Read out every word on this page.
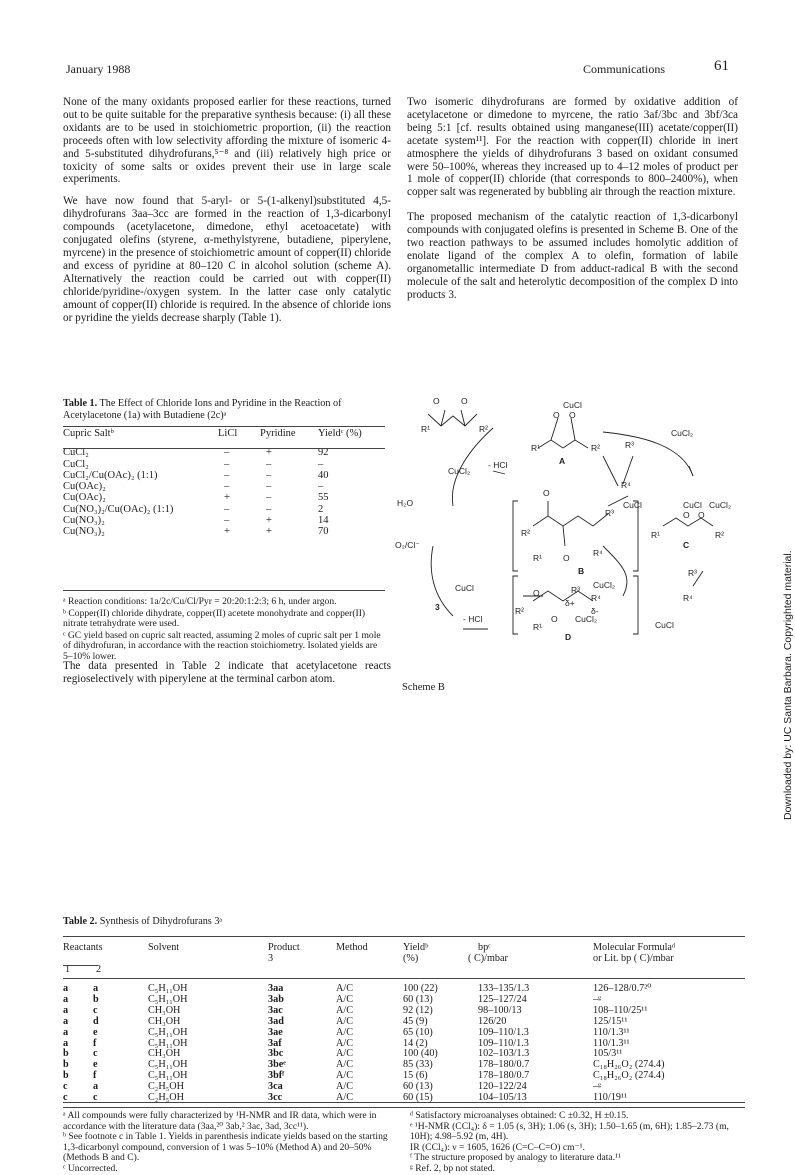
January 1988	Communications	61
Downloaded by: UC Santa Barbara. Copyrighted material.

None of the many oxidants proposed earlier for these reactions, turned out to be quite suitable for the preparative synthesis because: (i) all these oxidants are to be used in stoichiometric proportion, (ii) the reaction proceeds often with low selectivity affording the mixture of isomeric 4- and 5-substituted dihydrofurans,⁵⁻⁸ and (iii) relatively high price or toxicity of some salts or oxides prevent their use in large scale experiments.

We have now found that 5-aryl- or 5-(1-alkenyl)substituted 4,5-dihydrofurans 3aa–3cc are formed in the reaction of 1,3-dicarbonyl compounds (acetylacetone, dimedone, ethyl acetoacetate) with conjugated olefins (styrene, α-methylstyrene, butadiene, piperylene, myrcene) in the presence of stoichiometric amount of copper(II) chloride and excess of pyridine at 80–120 C in alcohol solution (scheme A). Alternatively the reaction could be carried out with copper(II) chloride/pyridine-/oxygen system. In the latter case only catalytic amount of copper(II) chloride is required. In the absence of chloride ions or pyridine the yields decrease sharply (Table 1).

Two isomeric dihydrofurans are formed by oxidative addition of acetylacetone or dimedone to myrcene, the ratio 3af/3bc and 3bf/3ca being 5:1 [cf. results obtained using manganese(III) acetate/copper(II) acetate system¹¹]. For the reaction with copper(II) chloride in inert atmosphere the yields of dihydrofurans 3 based on oxidant consumed were 50–100%, whereas they increased up to 4–12 moles of product per 1 mole of copper(II) chloride (that corresponds to 800–2400%), when copper salt was regenerated by bubbling air through the reaction mixture.

The proposed mechanism of the catalytic reaction of 1,3-dicarbonyl compounds with conjugated olefins is presented in Scheme B. One of the two reaction pathways to be assumed includes homolytic addition of enolate ligand of the complex A to olefin, formation of labile organometallic intermediate D from adduct-radical B with the second molecule of the salt and heterolytic decomposition of the complex D into products 3.

Table 1. The Effect of Chloride Ions and Pyridine in the Reaction of Acetylacetone (1a) with Butadiene (2c)ᵃ
Cupric Saltᵇ	LiCl	Pyridine	Yieldᶜ (%)

CuCl₂	–	+	92
CuCl₂	–	–	–
CuCl₂/Cu(OAc)₂ (1:1)	–	–	40
Cu(OAc)₂	–	–	–
Cu(OAc)₂	+	–	55
Cu(NO₃)₂/Cu(OAc)₂ (1:1)	–	–	2
Cu(NO₃)₂	–	+	14
Cu(NO₃)₂	+	+	70
ᵃ Reaction conditions: 1a/2c/Cu/Cl/Pyr = 20:20:1:2:3; 6 h, under argon.
ᵇ Copper(II) chloride dihydrate, copper(II) acetete monohydrate and copper(II) nitrate tetrahydrate were used.
ᶜ GC yield based on cupric salt reacted, assuming 2 moles of cupric salt per 1 mole of dihydrofuran, in accordance with the reaction stoichiometry. Isolated yields are 5–10% lower.

The data presented in Table 2 indicate that acetylacetone reacts regioselectively with piperylene at the terminal carbon atom.

O	O
R¹	R²
CuCl
O O
R¹	R²
A
- HCl
CuCl₂
CuCl₂
R³
R⁴
CuCl
H₂O
O
R²
R³
R¹ O	R⁴
B
CuCl CuCl₂
O O
R¹	R²
C
O₂/Cl⁻
CuCl	CuCl₂
R³
R⁴
3
- HCl
O	R³
R²
δ+ R⁴
R¹
O CuCl₂
δ-
D
CuCl
Scheme B
Table 2. Synthesis of Dihydrofurans 3ᵃ
Reactants
1	2
Solvent	Product
3
Method	Yieldᵇ
(%)
bpᶜ
( C)/mbar
Molecular Formulaᵈ
or Lit. bp ( C)/mbar
a	a	C₅H₁₁OH	3aa	A/C	100 (22)	133–135/1.3	126–128/0.7²⁰
a	b	C₅H₁₁OH	3ab	A/C	60 (13)	125–127/24	–ᵍ
a	c	CH₃OH	3ac	A/C	92 (12)	98–100/13	108–110/25¹¹
a	d	CH₃OH	3ad	A/C	45 (9)	126/20	125/15¹¹
a	e	C₅H₁₁OH	3ae	A/C	65 (10)	109–110/1.3	110/1.3¹¹
a	f	C₅H₁₁OH	3af	A/C	14 (2)	109–110/1.3	110/1.3¹¹
b	c	CH₃OH	3bc	A/C	100 (40)	102–103/1.3	105/3¹¹
b	e	C₅H₁₁OH	3beᵉ	A/C	85 (33)	178–180/0.7	C₁₈H₂₆O₂ (274.4)
b	f	C₅H₁₁OH	3bfᶠ	A/C	15 (6)	178–180/0.7	C₁₈H₂₆O₂ (274.4)
c	a	C₂H₅OH	3ca	A/C	60 (13)	120–122/24	–ᵍ
c	c	C₂H₅OH	3cc	A/C	60 (15)	104–105/13	110/19¹¹
ᵃ All compounds were fully characterized by ¹H-NMR and IR data, which were in accordance with the literature data (3aa,²⁰ 3ab,² 3ac, 3ad, 3cc¹¹).
ᵇ See footnote c in Table 1. Yields in parenthesis indicate yields based on the starting 1,3-dicarbonyl compound, conversion of 1 was 5–10% (Method A) and 20–50% (Methods B and C).
ᶜ Uncorrected.
ᵈ Satisfactory microanalyses obtained: C ±0.32, H ±0.15.
ᵉ ¹H-NMR (CCl₄): δ = 1.05 (s, 3H); 1.06 (s, 3H); 1.50–1.65 (m, 6H); 1.85–2.73 (m, 10H); 4.98–5.92 (m, 4H).
IR (CCl₄): ν = 1605, 1626 (C=C–C=O) cm⁻¹.
ᶠ The structure proposed by analogy to literature data.¹¹
ᵍ Ref. 2, bp not stated.
